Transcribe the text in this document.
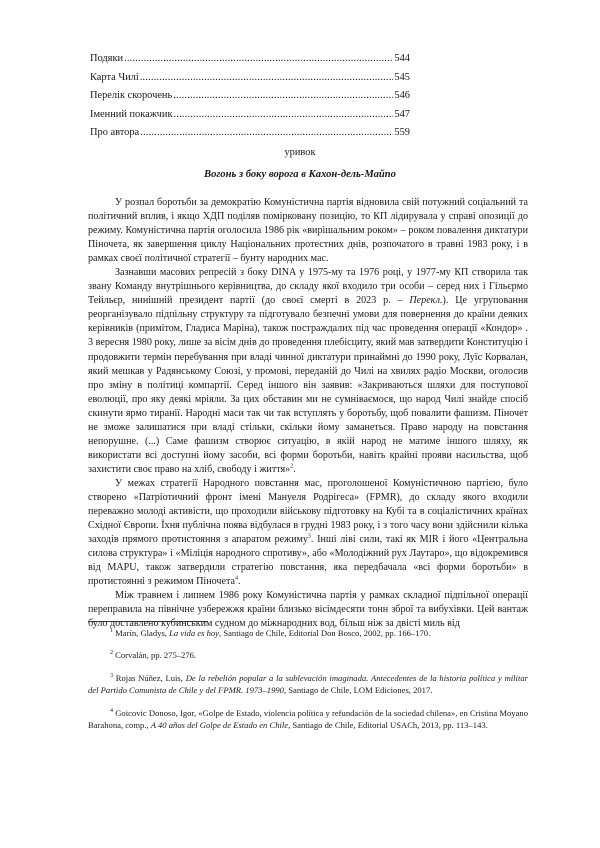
Подяки .....	544
Карта Чилі .....	545
Перелік скорочень .....	546
Іменний покажчик .....	547
Про автора .....	559
уривок
Вогонь з боку ворога в Кахон-дель-Майпо

У розпал боротьби за демократію Комуністична партія відновила свій потужний соціальний та політичний вплив, і якщо ХДП поділяв помірковану позицію, то КП лідирувала у справі опозиції до режиму. Комуністична партія оголосила 1986 рік «вирішальним роком» – роком повалення диктатури Піночета, як завершення циклу Національних протестних днів, розпочатого в травні 1983 року, і в рамках своєї політичної стратегії – бунту народних мас.

Зазнавши масових репресій з боку DINA у 1975-му та 1976 році, у 1977-му КП створила так звану Команду внутрішнього керівництва, до складу якої входило три особи – серед них і Гільєрмо Тейльєр, нинішній президент партії (до своєї смерті в 2023 р. – Перекл.). Це угруповання реорганізувало підпільну структуру та підготувало безпечні умови для повернення до країни деяких керівників (примітом, Гладиса Маріна), також постраждалих під час проведення операції «Кондор» . 3 вересня 1980 року, лише за вісім днів до проведення плебісциту, який мав затвердити Конституцію і продовжити термін перебування при владі чинної диктатури принаймні до 1990 року, Луїс Корвалан, який мешкав у Радянському Союзі, у промові, переданій до Чилі на хвилях радіо Москви, оголосив про зміну в політиці компартії. Серед іншого він заявив: «Закриваються шляхи для поступової еволюції, про яку деякі мріяли. За цих обставин ми не сумніваємося, що народ Чилі знайде спосіб скинути ярмо тиранії. Народні маси так чи так вступлять у боротьбу, щоб повалити фашизм. Піночет не зможе залишатися при владі стільки, скільки йому заманеться. Право народу на повстання непорушне. (...) Саме фашизм створює ситуацію, в якій народ не матиме іншого шляху, як використати всі доступні йому засоби, всі форми боротьби, навіть крайні прояви насильства, щоб захистити своє право на хліб, свободу і життя»$^2$.

У межах стратегії Народного повстання мас, проголошеної Комуністичною партією, було створено «Патріотичний фронт імені Мануеля Родрігеса» (FPMR), до складу якого входили переважно молоді активісти, що проходили військову підготовку на Кубі та в соціалістичних країнах Східної Європи. Їхня публічна поява відбулася в грудні 1983 року, і з того часу вони здійснили кілька заходів прямого протистояння з апаратом режиму$^3$. Інші ліві сили, такі як MIR і його «Центральна силова структура» і «Міліція народного спротиву», або «Молодіжний рух Лаутаро», що відокремився від MAPU, також затвердили стратегію повстання, яка передбачала «всі форми боротьби» в протистоянні з режимом Піночета$^4$.

Між травнем і липнем 1986 року Комуністична партія у рамках складної підпільної операції переправила на північне узбережжя країни близько вісімдесяти тонн зброї та вибухівки. Цей вантаж було доставлено кубинським судном до міжнародних вод, більш ніж за двісті миль від

$^1$ Marín, Gladys, La vida es hoy, Santiago de Chile, Editorial Don Bosco, 2002, pp. 166–170.

$^2$ Corvalán, pp. 275–276.

$^3$ Rojas Núñez, Luis, De la rebelión popular a la sublevación imaginada. Antecedentes de la historia política y militar del Partido Comunista de Chile y del FPMR. 1973–1990, Santiago de Chile, LOM Ediciones, 2017.

$^4$ Goicovic Donoso, Igor, «Golpe de Estado, violencia política y refundación de la sociedad chilena», en Cristina Moyano Barahona, comp., A 40 años del Golpe de Estado en Chile, Santiago de Chile, Editorial USACh, 2013, pp. 113–143.
